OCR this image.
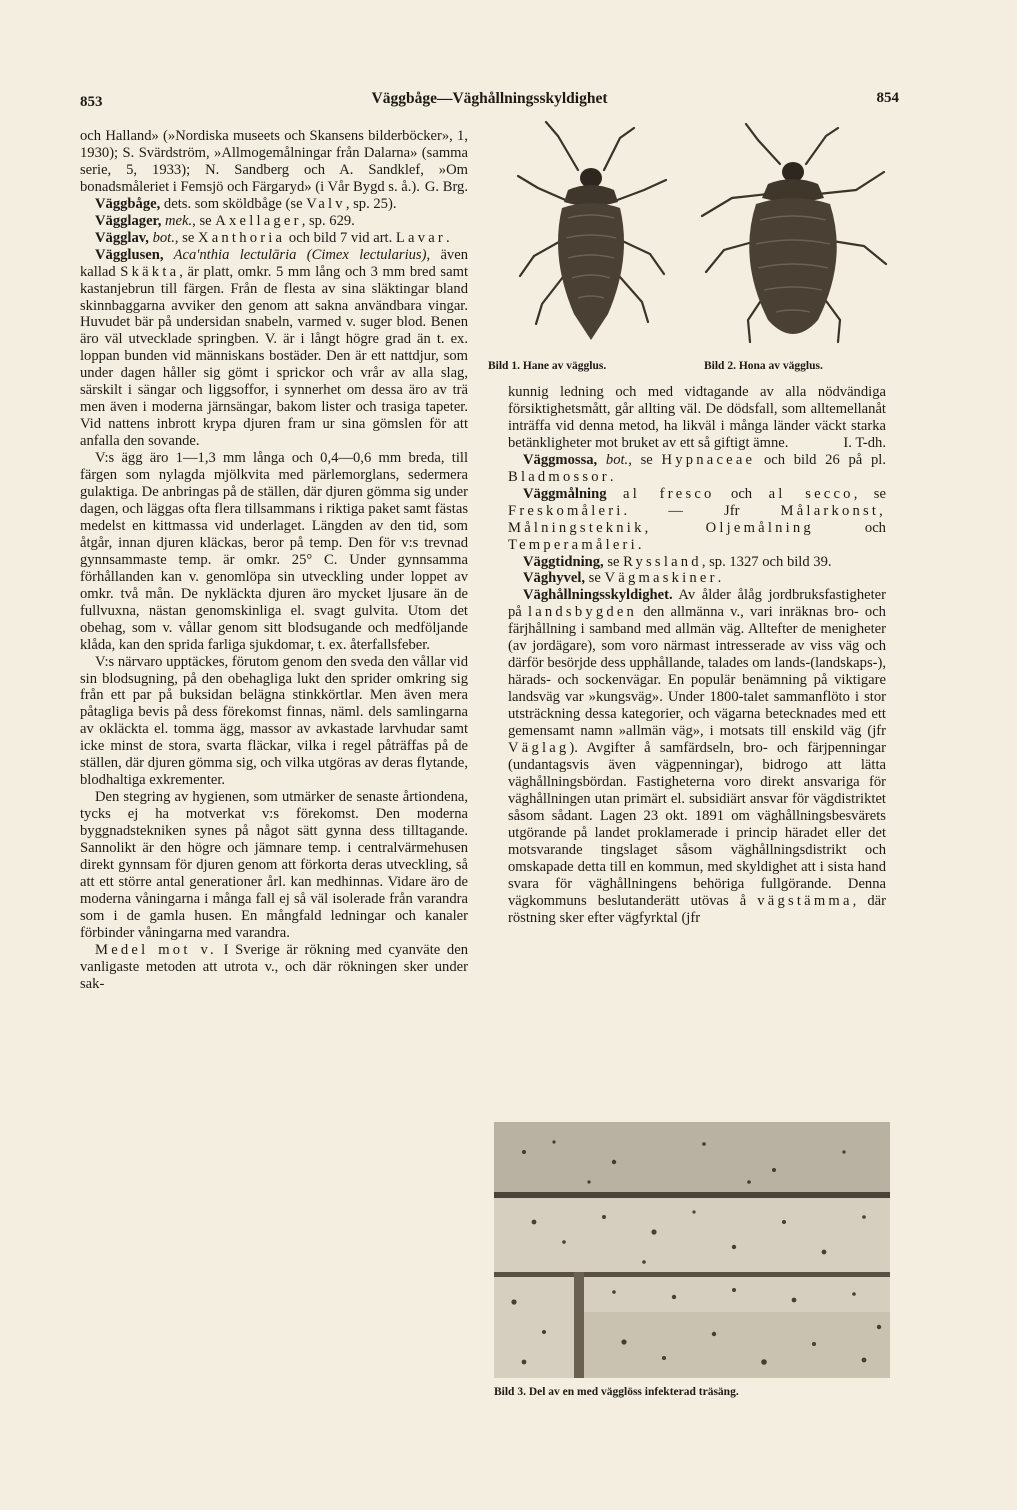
853	Väggbåge—Väghållningsskyldighet	854

och Halland» (»Nordiska museets och Skansens bilderböcker», 1, 1930); S. Svärdström, »Allmogemålningar från Dalarna» (samma serie, 5, 1933); N. Sandberg och A. Sandklef, »Om bonadsmåleriet i Femsjö och Färgaryd» (i Vår Bygd s. å.). G. Brg.

Väggbåge, dets. som sköldbåge (se Valv, sp. 25).

Vägglager, mek., se Axellager, sp. 629.

Vägglav, bot., se Xanthoria och bild 7 vid art. Lavar.

Vägglusen, Aca'nthia lectulāria (Cimex lectularius), även kallad Skäkta, är platt, omkr. 5 mm lång och 3 mm bred samt kastanjebrun till färgen. Från de flesta av sina släktingar bland skinnbaggarna avviker den genom att sakna användbara vingar. Huvudet bär på undersidan snabeln, varmed v. suger blod. Benen äro väl utvecklade springben. V. är i långt högre grad än t. ex. loppan bunden vid människans bostäder. Den är ett nattdjur, som under dagen håller sig gömt i sprickor och vrår av alla slag, särskilt i sängar och liggsoffor, i synnerhet om dessa äro av trä men även i moderna järnsängar, bakom lister och trasiga tapeter. Vid nattens inbrott krypa djuren fram ur sina gömslen för att anfalla den sovande.

V:s ägg äro 1—1,3 mm långa och 0,4—0,6 mm breda, till färgen som nylagda mjölkvita med pärlemorglans, sedermera gulaktiga. De anbringas på de ställen, där djuren gömma sig under dagen, och läggas ofta flera tillsammans i riktiga paket samt fästas medelst en kittmassa vid underlaget. Längden av den tid, som åtgår, innan djuren kläckas, beror på temp. Den för v:s trevnad gynnsammaste temp. är omkr. 25° C. Under gynnsamma förhållanden kan v. genomlöpa sin utveckling under loppet av omkr. två mån. De nykläckta djuren äro mycket ljusare än de fullvuxna, nästan genomskinliga el. svagt gulvita. Utom det obehag, som v. vållar genom sitt blodsugande och medföljande klåda, kan den sprida farliga sjukdomar, t. ex. återfallsfeber.

V:s närvaro upptäckes, förutom genom den sveda den vållar vid sin blodsugning, på den obehagliga lukt den sprider omkring sig från ett par på buksidan belägna stinkkörtlar. Men även mera påtagliga bevis på dess förekomst finnas, näml. dels samlingarna av okläckta el. tomma ägg, massor av avkastade larvhudar samt icke minst de stora, svarta fläckar, vilka i regel påträffas på de ställen, där djuren gömma sig, och vilka utgöras av deras flytande, blodhaltiga exkrementer.

Den stegring av hygienen, som utmärker de senaste årtiondena, tycks ej ha motverkat v:s förekomst. Den moderna byggnadstekniken synes på något sätt gynna dess tilltagande. Sannolikt är den högre och jämnare temp. i centralvärmehusen direkt gynnsam för djuren genom att förkorta deras utveckling, så att ett större antal generationer årl. kan medhinnas. Vidare äro de moderna våningarna i många fall ej så väl isolerade från varandra som i de gamla husen. En mångfald ledningar och kanaler förbinder våningarna med varandra.

Medel mot v. I Sverige är rökning med cyanväte den vanligaste metoden att utrota v., och där rökningen sker under sak-

Bild 1. Hane av vägglus.	Bild 2. Hona av vägglus.

kunnig ledning och med vidtagande av alla nödvändiga försiktighetsmått, går allting väl. De dödsfall, som alltemellanåt inträffa vid denna metod, ha likväl i många länder väckt starka betänkligheter mot bruket av ett så giftigt ämne.	I. T-dh.

Väggmossa, bot., se Hypnaceae och bild 26 på pl. Bladmossor.

Väggmålning al fresco och al secco, se Freskomåleri. — Jfr Målarkonst, Målningsteknik, Oljemålning och Temperamåleri.

Väggtidning, se Ryssland, sp. 1327 och bild 39.

Väghyvel, se Vägmaskiner.

Väghållningsskyldighet. Av ålder ålåg jordbruksfastigheter på landsbygden den allmänna v., vari inräknas bro- och färjhållning i samband med allmän väg. Alltefter de menigheter (av jordägare), som voro närmast intresserade av viss väg och därför besörjde dess upphållande, talades om lands-(landskaps-), härads- och sockenvägar. En populär benämning på viktigare landsväg var »kungsväg». Under 1800-talet sammanflöto i stor utsträckning dessa kategorier, och vägarna betecknades med ett gemensamt namn »allmän väg», i motsats till enskild väg (jfr Väglag). Avgifter å samfärdseln, bro- och färjpenningar (undantagsvis även vägpenningar), bidrogo att lätta väghållningsbördan. Fastigheterna voro direkt ansvariga för väghållningen utan primärt el. subsidiärt ansvar för vägdistriktet såsom sådant. Lagen 23 okt. 1891 om väghållningsbesvärets utgörande på landet proklamerade i princip häradet eller det motsvarande tingslaget såsom väghållningsdistrikt och omskapade detta till en kommun, med skyldighet att i sista hand svara för väghållningens behöriga fullgörande. Denna vägkommuns beslutanderätt utövas å vägstämma, där röstning sker efter vägfyrktal (jfr

Bild 3. Del av en med vägglöss infekterad träsäng.
